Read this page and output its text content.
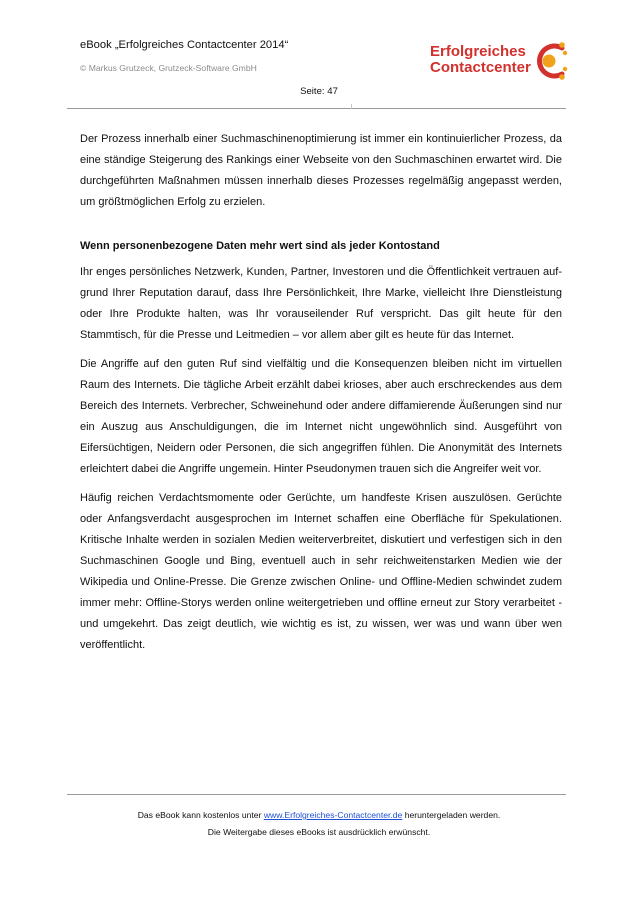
eBook „Erfolgreiches Contactcenter 2014“
© Markus Grutzeck, Grutzeck-Software GmbH
Erfolgreiches
Contactcenter
Seite: 47

Der Prozess innerhalb einer Suchmaschinenoptimierung ist immer ein kontinuierlicher Prozess, da eine ständige Steigerung des Rankings einer Webseite von den Suchmaschinen erwartet wird. Die durchgeführten Maßnahmen müssen innerhalb dieses Prozesses regelmäßig angepasst werden, um größtmöglichen Erfolg zu erzielen.

Wenn personenbezogene Daten mehr wert sind als jeder Kontostand

Ihr enges persönliches Netzwerk, Kunden, Partner, Investoren und die Öffentlichkeit vertrauen aufgrund Ihrer Reputation darauf, dass Ihre Persönlichkeit, Ihre Marke, vielleicht Ihre Dienstleistung oder Ihre Produkte halten, was Ihr vorauseilender Ruf verspricht. Das gilt heute für den Stammtisch, für die Presse und Leitmedien – vor allem aber gilt es heute für das Internet.

Die Angriffe auf den guten Ruf sind vielfältig und die Konsequenzen bleiben nicht im virtuellen Raum des Internets. Die tägliche Arbeit erzählt dabei krioses, aber auch erschreckendes aus dem Bereich des Internets. Verbrecher, Schweinehund oder andere diffamierende Äußerungen sind nur ein Auszug aus Anschuldigungen, die im Internet nicht ungewöhnlich sind. Ausgeführt von Eifersüchtigen, Neidern oder Personen, die sich angegriffen fühlen. Die Anonymität des Internets erleichtert dabei die Angriffe ungemein. Hinter Pseudonymen trauen sich die Angreifer weit vor.

Häufig reichen Verdachtsmomente oder Gerüchte, um handfeste Krisen auszulösen. Gerüchte oder Anfangsverdacht ausgesprochen im Internet schaffen eine Oberfläche für Spekulationen. Kritische Inhalte werden in sozialen Medien weiterverbreitet, diskutiert und verfestigen sich in den Suchmaschinen Google und Bing, eventuell auch in sehr reichweitenstarken Medien wie der Wikipedia und Online-Presse. Die Grenze zwischen Online- und Offline-Medien schwindet zudem immer mehr: Offline-Storys werden online weitergetrieben und offline erneut zur Story verarbeitet - und umgekehrt. Das zeigt deutlich, wie wichtig es ist, zu wissen, wer was und wann über wen veröffentlicht.

Das eBook kann kostenlos unter www.Erfolgreiches-Contactcenter.de heruntergeladen werden.
Die Weitergabe dieses eBooks ist ausdrücklich erwünscht.
